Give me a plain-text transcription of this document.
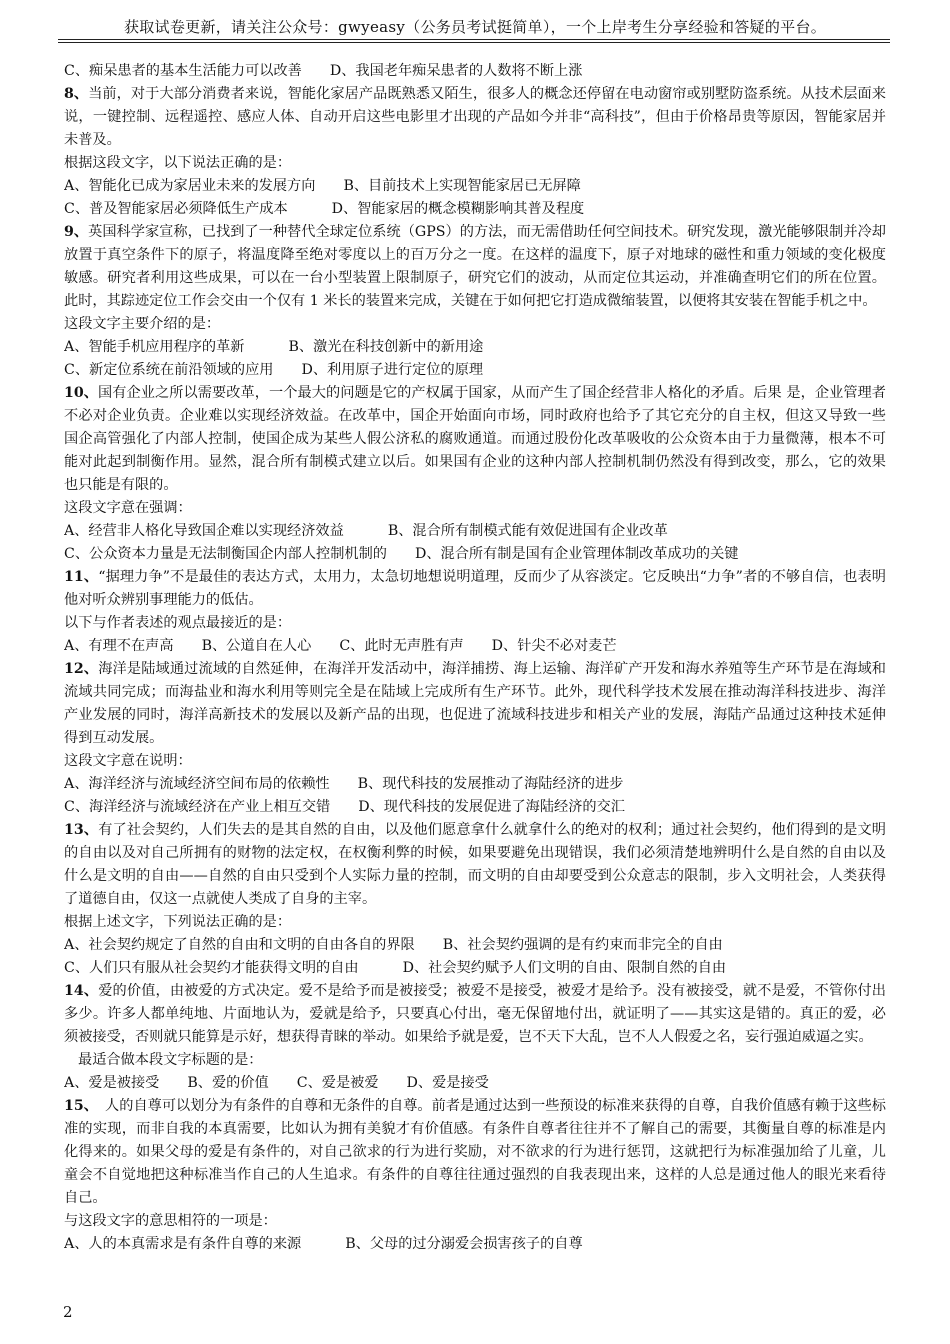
获取试卷更新，请关注公众号：gwyeasy（公务员考试挺简单），一个上岸考生分享经验和答疑的平台。
C、痴呆患者的基本生活能力可以改善 D、我国老年痴呆患者的人数将不断上涨
8、当前，对于大部分消费者来说，智能化家居产品既熟悉又陌生，很多人的概念还停留在电动窗帘或别墅防盗系统。从技术层面来说，一键控制、远程遥控、感应人体、自动开启这些电影里才出现的产品如今并非“高科技”，但由于价格昂贵等原因，智能家居并未普及。
根据这段文字，以下说法正确的是：
A、智能化已成为家居业未来的发展方向 B、目前技术上实现智能家居已无屏障
C、普及智能家居必须降低生产成本	D、智能家居的概念模糊影响其普及程度
9、英国科学家宣称，已找到了一种替代全球定位系统（GPS）的方法，而无需借助任何空间技术。研究发现，激光能够限制并冷却放置于真空条件下的原子，将温度降至绝对零度以上的百万分之一度。在这样的温度下，原子对地球的磁性和重力领域的变化极度敏感。研究者利用这些成果，可以在一台小型装置上限制原子，研究它们的波动，从而定位其运动，并准确查明它们的所在位置。此时，其踪迹定位工作会交由一个仅有 1 米长的装置来完成，关键在于如何把它打造成微缩装置，以便将其安装在智能手机之中。
这段文字主要介绍的是：
A、智能手机应用程序的革新	B、激光在科技创新中的新用途
C、新定位系统在前沿领域的应用 D、利用原子进行定位的原理
10、国有企业之所以需要改革，一个最大的问题是它的产权属于国家，从而产生了国企经营非人格化的矛盾。后果 是，企业管理者不必对企业负责。企业难以实现经济效益。在改革中，国企开始面向市场，同时政府也给予了其它充分的自主权，但这又导致一些国企高管强化了内部人控制，使国企成为某些人假公济私的腐败通道。而通过股份化改革吸收的公众资本由于力量微薄，根本不可能对此起到制衡作用。显然，混合所有制模式建立以后。如果国有企业的这种内部人控制机制仍然没有得到改变，那么，它的效果也只能是有限的。
这段文字意在强调：
A、经营非人格化导致国企难以实现经济效益	B、混合所有制模式能有效促进国有企业改革
C、公众资本力量是无法制衡国企内部人控制机制的 D、混合所有制是国有企业管理体制改革成功的关键
11、“据理力争”不是最佳的表达方式，太用力，太急切地想说明道理，反而少了从容淡定。它反映出“力争”者的不够自信，也表明他对听众辨别事理能力的低估。
以下与作者表述的观点最接近的是：
A、有理不在声高 B、公道自在人心 C、此时无声胜有声 D、针尖不必对麦芒
12、海洋是陆域通过流域的自然延伸，在海洋开发活动中，海洋捕捞、海上运输、海洋矿产开发和海水养殖等生产环节是在海域和流域共同完成；而海盐业和海水利用等则完全是在陆域上完成所有生产环节。此外，现代科学技术发展在推动海洋科技进步、海洋产业发展的同时，海洋高新技术的发展以及新产品的出现，也促进了流域科技进步和相关产业的发展，海陆产品通过这种技术延伸得到互动发展。
这段文字意在说明：
A、海洋经济与流域经济空间布局的依赖性 B、现代科技的发展推动了海陆经济的进步
C、海洋经济与流域经济在产业上相互交错 D、现代科技的发展促进了海陆经济的交汇
13、有了社会契约，人们失去的是其自然的自由，以及他们愿意拿什么就拿什么的绝对的权利；通过社会契约，他们得到的是文明的自由以及对自己所拥有的财物的法定权，在权衡利弊的时候，如果要避免出现错误，我们必须清楚地辨明什么是自然的自由以及什么是文明的自由——自然的自由只受到个人实际力量的控制，而文明的自由却要受到公众意志的限制，步入文明社会，人类获得了道德自由，仅这一点就使人类成了自身的主宰。
根据上述文字，下列说法正确的是：
A、社会契约规定了自然的自由和文明的自由各自的界限 B、社会契约强调的是有约束而非完全的自由
C、人们只有服从社会契约才能获得文明的自由	D、社会契约赋予人们文明的自由、限制自然的自由
14、爱的价值，由被爱的方式决定。爱不是给予而是被接受；被爱不是接受，被爱才是给予。没有被接受，就不是爱，不管你付出多少。许多人都单纯地、片面地认为，爱就是给予，只要真心付出，毫无保留地付出，就证明了——其实这是错的。真正的爱，必须被接受，否则就只能算是示好，想获得青睐的举动。如果给予就是爱，岂不天下大乱，岂不人人假爱之名，妄行强迫威逼之实。
最适合做本段文字标题的是：
A、爱是被接受 B、爱的价值 C、爱是被爱 D、爱是接受
15、　人的自尊可以划分为有条件的自尊和无条件的自尊。前者是通过达到一些预设的标准来获得的自尊，自我价值感有赖于这些标准的实现，而非自我的本真需要，比如认为拥有美貌才有价值感。有条件自尊者往往并不了解自己的需要，其衡量自尊的标准是内化得来的。如果父母的爱是有条件的，对自己欲求的行为进行奖励，对不欲求的行为进行惩罚，这就把行为标准强加给了儿童，儿童会不自觉地把这种标准当作自己的人生追求。有条件的自尊往往通过强烈的自我表现出来，这样的人总是通过他人的眼光来看待自己。
与这段文字的意思相符的一项是：
A、人的本真需求是有条件自尊的来源	B、父母的过分溺爱会损害孩子的自尊
2
